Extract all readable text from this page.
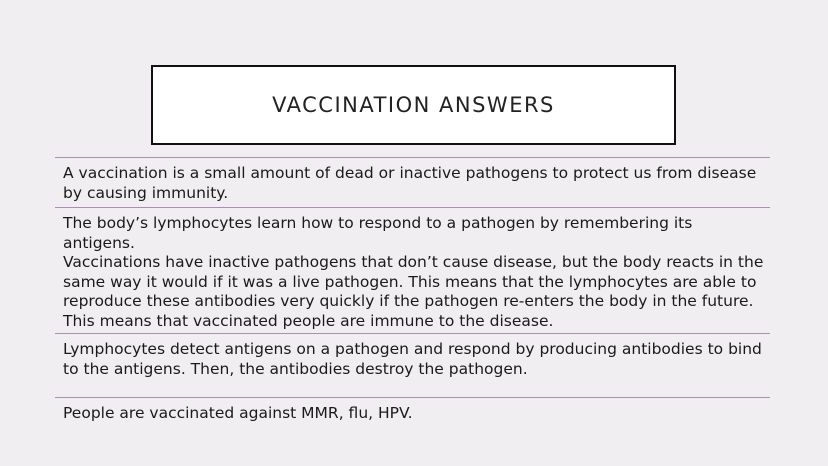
VACCINATION ANSWERS
A vaccination is a small amount of dead or inactive pathogens to protect us from disease
by causing immunity.
The body’s lymphocytes learn how to respond to a pathogen by remembering its antigens.
Vaccinations have inactive pathogens that don’t cause disease, but the body reacts in the
same way it would if it was a live pathogen. This means that the lymphocytes are able to
reproduce these antibodies very quickly if the pathogen re-enters the body in the future.
This means that vaccinated people are immune to the disease.
Lymphocytes detect antigens on a pathogen and respond by producing antibodies to bind
to the antigens. Then, the antibodies destroy the pathogen.
People are vaccinated against MMR, flu, HPV.
